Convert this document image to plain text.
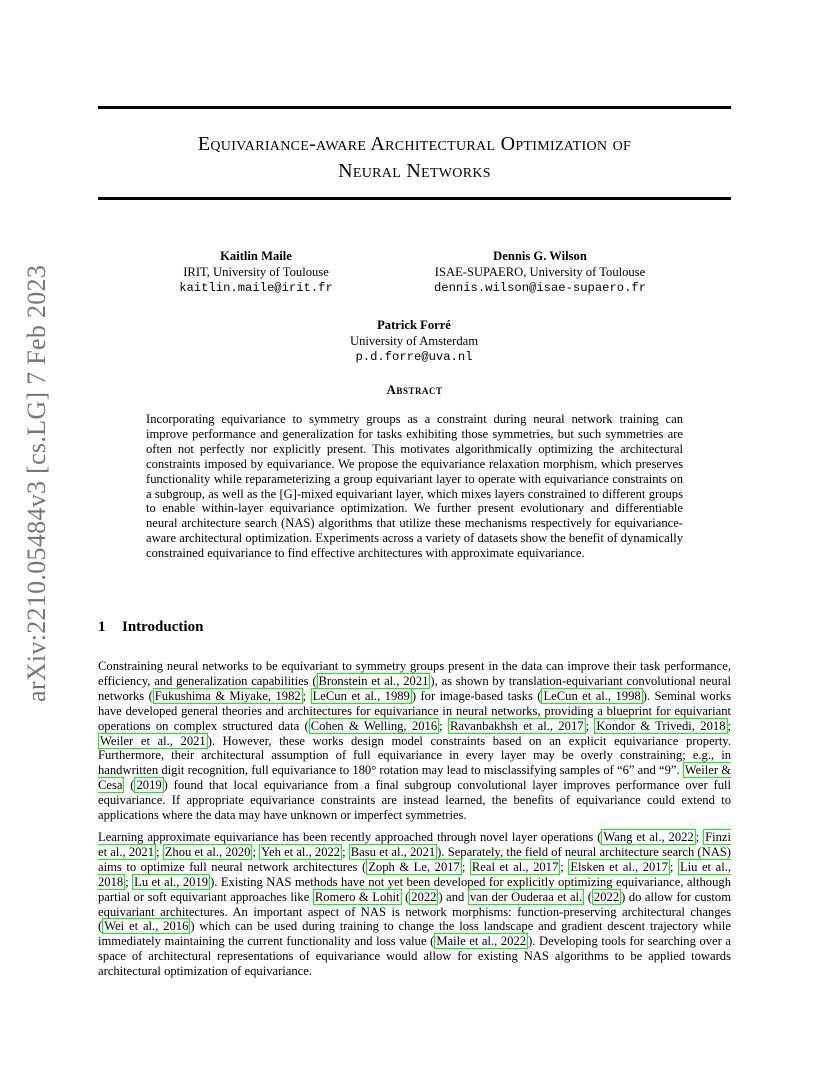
arXiv:2210.05484v3 [cs.LG] 7 Feb 2023
Equivariance-aware Architectural Optimization of
Neural Networks
Kaitlin Maile
IRIT, University of Toulouse
kaitlin.maile@irit.fr
Dennis G. Wilson
ISAE-SUPAERO, University of Toulouse
dennis.wilson@isae-supaero.fr
Patrick Forré
University of Amsterdam
p.d.forre@uva.nl
Abstract
Incorporating equivariance to symmetry groups as a constraint during neural network training can improve performance and generalization for tasks exhibiting those symmetries, but such symmetries are often not perfectly nor explicitly present. This motivates algorithmically optimizing the architectural constraints imposed by equivariance. We propose the equivariance relaxation morphism, which preserves functionality while reparameterizing a group equivariant layer to operate with equivariance constraints on a subgroup, as well as the [G]-mixed equivariant layer, which mixes layers constrained to different groups to enable within-layer equivariance optimization. We further present evolutionary and differentiable neural architecture search (NAS) algorithms that utilize these mechanisms respectively for equivariance-aware architectural optimization. Experiments across a variety of datasets show the benefit of dynamically constrained equivariance to find effective architectures with approximate equivariance.
1 Introduction
Constraining neural networks to be equivariant to symmetry groups present in the data can improve their task performance, efficiency, and generalization capabilities ( Bronstein et al., 2021 ), as shown by translation-equivariant convolutional neural networks ( Fukushima & Miyake, 1982 ; LeCun et al., 1989 ) for image-based tasks ( LeCun et al., 1998 ). Seminal works have developed general theories and architectures for equivariance in neural networks, providing a blueprint for equivariant operations on complex structured data ( Cohen & Welling, 2016 ; Ravanbakhsh et al., 2017 ; Kondor & Trivedi, 2018 ; Weiler et al., 2021 ). However, these works design model constraints based on an explicit equivariance property. Furthermore, their architectural assumption of full equivariance in every layer may be overly constraining; e.g., in handwritten digit recognition, full equivariance to 180° rotation may lead to misclassifying samples of “6” and “9”. Weiler & Cesa ( 2019 ) found that local equivariance from a final subgroup convolutional layer improves performance over full equivariance. If appropriate equivariance constraints are instead learned, the benefits of equivariance could extend to applications where the data may have unknown or imperfect symmetries.
Learning approximate equivariance has been recently approached through novel layer operations ( Wang et al., 2022 ; Finzi et al., 2021 ; Zhou et al., 2020 ; Yeh et al., 2022 ; Basu et al., 2021 ). Separately, the field of neural architecture search (NAS) aims to optimize full neural network architectures ( Zoph & Le, 2017 ; Real et al., 2017 ; Elsken et al., 2017 ; Liu et al., 2018 ; Lu et al., 2019 ). Existing NAS methods have not yet been developed for explicitly optimizing equivariance, although partial or soft equivariant approaches like Romero & Lohit ( 2022 ) and van der Ouderaa et al. ( 2022 ) do allow for custom equivariant architectures. An important aspect of NAS is network morphisms: function-preserving architectural changes ( Wei et al., 2016 ) which can be used during training to change the loss landscape and gradient descent trajectory while immediately maintaining the current functionality and loss value ( Maile et al., 2022 ). Developing tools for searching over a space of architectural representations of equivariance would allow for existing NAS algorithms to be applied towards architectural optimization of equivariance.
